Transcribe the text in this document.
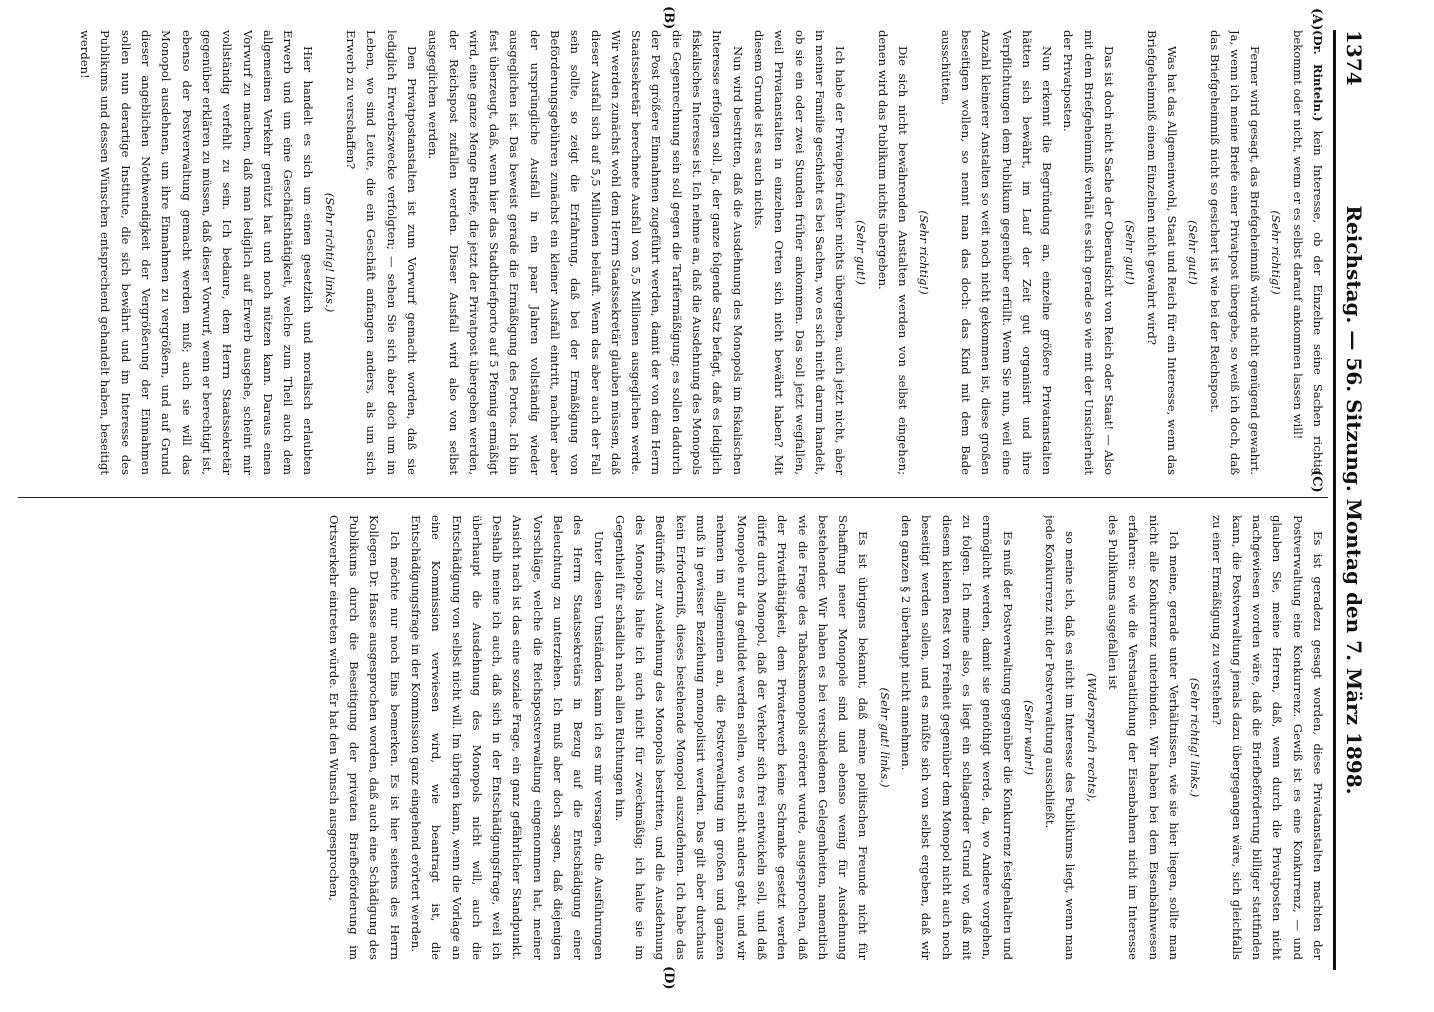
1374
Reichstag. — 56. Sitzung. Montag den 7. März 1898.
(A)
(B)
(C)
(D)

(Dr. Rinteln.) kein Interesse, ob der Einzelne seine Sachen richtig bekommt oder nicht, wenn er es selbst darauf ankommen lassen will!

(Sehr richtig!)

Ferner wird gesagt, das Briefgeheimniß würde nicht genügend gewahrt. Ja, wenn ich meine Briefe einer Privatpost übergebe, so weiß ich doch, daß das Briefgeheimniß nicht so gesichert ist wie bei der Reichspost.

(Sehr gut!)

Was hat das Allgemeinwohl, Staat und Reich für ein Interesse, wenn das Briefgeheimniß einem Einzelnen nicht gewahrt wird?

(Sehr gut!)

Das ist doch nicht Sache der Oberaufsicht von Reich oder Staat! — Also mit dem Briefgeheimniß verhält es sich gerade so wie mit der Unsicherheit der Privatposten.

Nun erkennt die Begründung an, einzelne größere Privatanstalten hätten sich bewährt, im Lauf der Zeit gut organisirt und ihre Verpflichtungen dem Publikum gegenüber erfüllt. Wenn Sie nun, weil eine Anzahl kleinerer Anstalten so weit noch nicht gekommen ist, diese großen beseitigen wollen, so nennt man das doch: das Kind mit dem Bade ausschütten.

(Sehr richtig!)

Die sich nicht bewährenden Anstalten werden von selbst eingehen; denen wird das Publikum nichts übergeben.

(Sehr gut!)

Ich habe der Privatpost früher nichts übergeben, auch jetzt nicht, aber in meiner Familie geschieht es bei Sachen, wo es sich nicht darum handelt, ob sie ein oder zwei Stunden früher ankommen. Das soll jetzt wegfallen, weil Privatanstalten in einzelnen Orten sich nicht bewährt haben? Mit diesem Grunde ist es auch nichts.

Nun wird bestritten, daß die Ausdehnung des Monopols im fiskalischen Interesse erfolgen soll. Ja, der ganze folgende Satz befagt, daß es lediglich fiskalisches Interesse ist. Ich nehme an, daß die Ausdehnung des Monopols die Gegenrechnung sein soll gegen die Tarifermäßigung; es sollen dadurch der Post größere Einnahmen zugeführt werden, damit der von dem Herrn Staatssekretär berechnete Ausfall von 5,5 Millionen ausgeglichen werde. Wir werden zunächst wohl dem Herrn Staatssekretär glauben müssen, daß dieser Ausfall sich auf 5,5 Millionen beläuft. Wenn das aber auch der Fall sein sollte, so zeigt die Erfahrung, daß bei der Ermäßigung von Beförderungsgebühren zunächst ein kleiner Ausfall eintritt, nachher aber der ursprüngliche Ausfall in ein paar Jahren vollständig wieder ausgeglichen ist. Das beweist gerade die Ermäßigung des Portos. Ich bin fest überzeugt, daß, wenn hier das Stadtbriefporto auf 5 Pfennig ermäßigt wird, eine ganze Menge Briefe, die jetzt der Privatpost übergeben werden, der Reichspost zufallen werden. Dieser Ausfall wird also von selbst ausgeglichen werden.

Den Privatpostanstalten ist zum Vorwurf gemacht worden, daß sie lediglich Erwerbszwecke verfolgten; — sehen Sie sich aber doch um im Leben, wo sind Leute, die ein Geschäft anfangen anders, als um sich Erwerb zu verschaffen?

(Sehr richtig! links.)

Hier handelt es sich um einen gesetzlich und moralisch erlaubten Erwerb und um eine Geschäftsthätigkeit, welche zum Theil auch dem allgemeinen Verkehr genützt hat und noch nützen kann. Daraus einen Vorwurf zu machen, daß man lediglich auf Erwerb ausgehe, scheint mir vollständig verfehlt zu sein. Ich bedaure, dem Herrn Staatssekretär gegenüber erklären zu müssen, daß dieser Vorwurf, wenn er berechtigt ist, ebenso der Postverwaltung gemacht werden muß; auch sie will das Monopol ausdehnen, um ihre Einnahmen zu vergrößern, und auf Grund dieser angeblichen Nothwendigkeit der Vergrößerung der Einnahmen sollen nun derartige Institute, die sich bewährt und im Interesse des Publikums und dessen Wünschen entsprechend gehandelt haben, beseitigt werden!

Es ist geradezu gesagt worden, diese Privatanstalten machten der Postverwaltung eine Konkurrenz. Gewiß ist es eine Konkurrenz, — und glauben Sie, meine Herren, daß, wenn durch die Privatposten nicht nachgewiesen worden wäre, daß die Briefbeförderung billiger stattfinden kann, die Postverwaltung jemals dazu übergegangen wäre, sich gleichfalls zu einer Ermäßigung zu verstehen?

(Sehr richtig! links.)

Ich meine, gerade unter Verhältnissen, wie sie hier liegen, sollte man nicht alle Konkurrenz unterbinden. Wir haben bei dem Eisenbahnwesen erfahren: so wie die Verstaatlichung der Eisenbahnen nicht im Interesse des Publikums ausgefallen ist

(Widerspruch rechts),

so meine ich, daß es nicht im Interesse des Publikums liegt, wenn man jede Konkurrenz mit der Postverwaltung ausschließt.

(Sehr wahr!)

Es muß der Postverwaltung gegenüber die Konkurrenz festgehalten und ermöglicht werden, damit sie genöthigt werde, da, wo Andere vorgehen, zu folgen. Ich meine also, es liegt ein schlagender Grund vor, daß mit diesem kleinen Rest von Freiheit gegenüber dem Monopol nicht auch noch beseitigt werden sollen, und es müßte sich von selbst ergeben, daß wir den ganzen § 2 überhaupt nicht annehmen.

(Sehr gut! links.)

Es ist übrigens bekannt, daß meine politischen Freunde nicht für Schaffung neuer Monopole sind und ebenso wenig für Ausdehnung bestehender. Wir haben es bei verschiedenen Gelegenheiten, namentlich wie die Frage des Tabacksmonopols erörtert wurde, ausgesprochen, daß der Privatthätigkeit, dem Privaterwerb keine Schranke gesetzt werden dürfe durch Monopol, daß der Verkehr sich frei entwickeln soll, und daß Monopole nur da geduldet werden sollen, wo es nicht anders geht, und wir nehmen im allgemeinen an, die Postverwaltung im großen und ganzen muß in gewisser Beziehung monopolisirt werden. Das gilt aber durchaus kein Erforderniß, dieses bestehende Monopol auszudehnen. Ich habe das Bedürfniß zur Ausdehnung des Monopols bestritten, und die Ausdehnung des Monopols halte ich auch nicht für zweckmäßig; ich halte sie im Gegentheil für schädlich nach allen Richtungen hin.

Unter diesen Umständen kann ich es mir versagen, die Ausführungen des Herrn Staatssekretärs in Bezug auf die Entschädigung einer Beleuchtung zu unterziehen. Ich muß aber doch sagen, daß diejenigen Vorschläge, welche die Reichspostverwaltung eingenommen hat, meiner Ansicht nach ist das eine soziale Frage, ein ganz gefährlicher Standpunkt. Deshalb meine ich auch, daß sich in der Entschädigungsfrage, weil ich überhaupt die Ausdehnung des Monopols nicht will, auch die Entschädigung von selbst nicht will. Im übrigen kann, wenn die Vorlage an eine Kommission verwiesen wird, wie beantragt ist, die Entschädigungsfrage in der Kommission ganz eingehend erörtert werden.

Ich möchte nur noch Eins bemerken. Es ist hier seitens des Herrn Kollegen Dr. Hasse ausgesprochen worden, daß auch eine Schädigung des Publikums durch die Beseitigung der privaten Briefbeförderung im Ortsverkehr eintreten würde. Er hat den Wunsch ausgesprochen,
